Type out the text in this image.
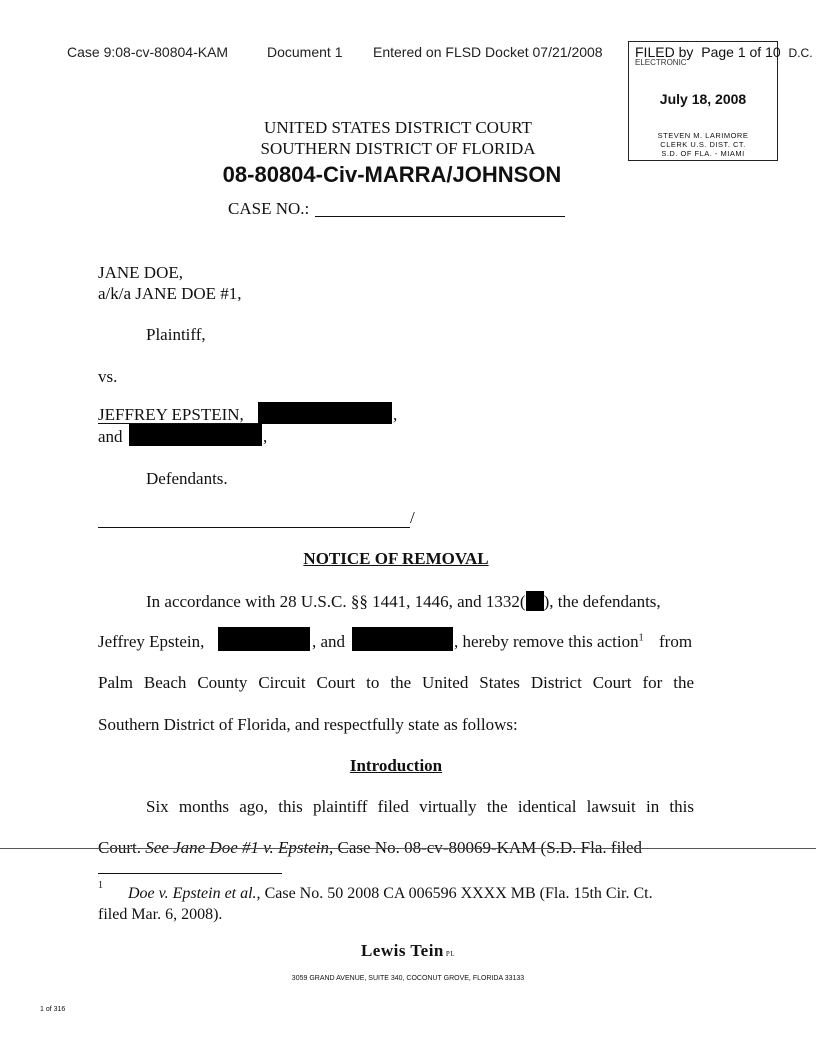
Case 9:08-cv-80804-KAM	Document 1 Entered on FLSD Docket 07/21/2008 FILED by Page 1 of 10 D.C.
ELECTRONIC
July 18, 2008
STEVEN M. LARIMORE
CLERK U.S. DIST. CT.
S.D. OF FLA. - MIAMI
UNITED STATES DISTRICT COURT
SOUTHERN DISTRICT OF FLORIDA
08-80804-Civ-MARRA/JOHNSON
CASE NO.:
JANE DOE,
a/k/a JANE DOE #1,
Plaintiff,
vs.
JEFFREY EPSTEIN,	,
and	,
Defendants.
/
NOTICE OF REMOVAL
In accordance with 28 U.S.C. §§ 1441, 1446, and 1332( ), the defendants,
Jeffrey Epstein,	, and	, hereby remove this action$^1$ from
Palm Beach County Circuit Court to the United States District Court for the
Southern District of Florida, and respectfully state as follows:
Introduction
Six months ago, this plaintiff filed virtually the identical lawsuit in this
Court. See Jane Doe #1 v. Epstein, Case No. 08-cv-80069-KAM (S.D. Fla. filed
1 Doe v. Epstein et al., Case No. 50 2008 CA 006596 XXXX MB (Fla. 15th Cir. Ct.
filed Mar. 6, 2008).
Lewis Tein PL
3059 GRAND AVENUE, SUITE 340, COCONUT GROVE, FLORIDA 33133
1 of 316
